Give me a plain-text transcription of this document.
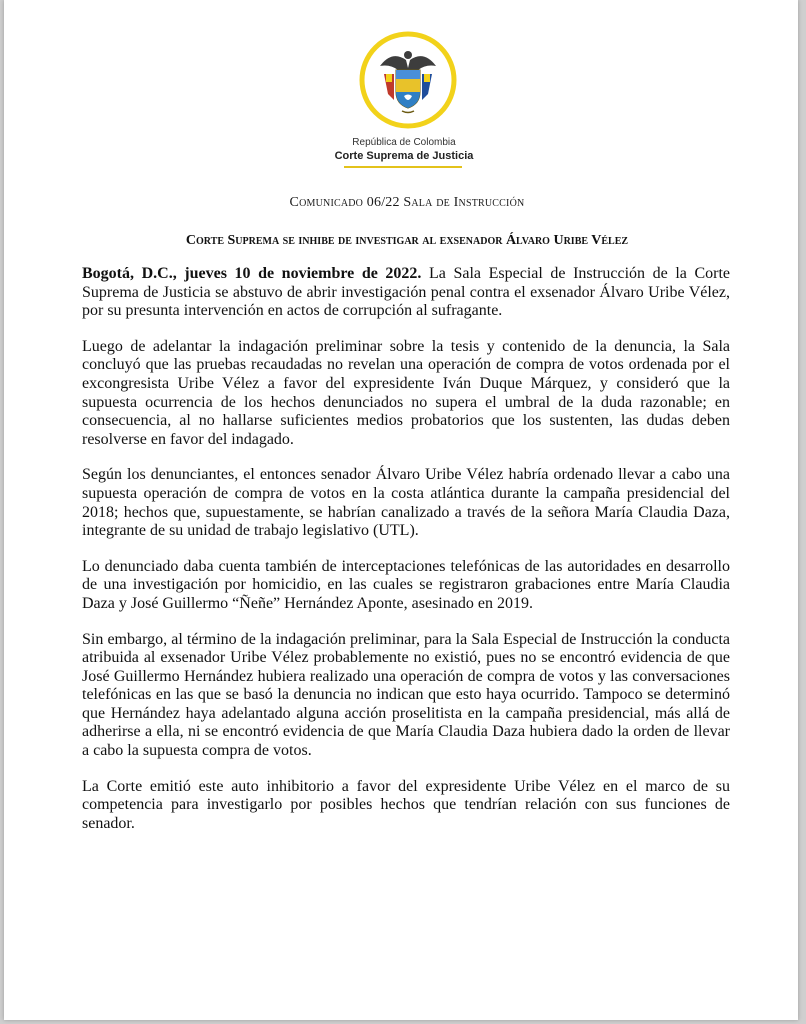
República de Colombia
Corte Suprema de Justicia
Comunicado 06/22 Sala de Instrucción
Corte Suprema se inhibe de investigar al exsenador Álvaro Uribe Vélez

Bogotá, D.C., jueves 10 de noviembre de 2022. La Sala Especial de Instrucción de la Corte Suprema de Justicia se abstuvo de abrir investigación penal contra el exsenador Álvaro Uribe Vélez, por su presunta intervención en actos de corrupción al sufragante.

Luego de adelantar la indagación preliminar sobre la tesis y contenido de la denuncia, la Sala concluyó que las pruebas recaudadas no revelan una operación de compra de votos ordenada por el excongresista Uribe Vélez a favor del expresidente Iván Duque Márquez, y consideró que la supuesta ocurrencia de los hechos denunciados no supera el umbral de la duda razonable; en consecuencia, al no hallarse suficientes medios probatorios que los sustenten, las dudas deben resolverse en favor del indagado.

Según los denunciantes, el entonces senador Álvaro Uribe Vélez habría ordenado llevar a cabo una supuesta operación de compra de votos en la costa atlántica durante la campaña presidencial del 2018; hechos que, supuestamente, se habrían canalizado a través de la señora María Claudia Daza, integrante de su unidad de trabajo legislativo (UTL).

Lo denunciado daba cuenta también de interceptaciones telefónicas de las autoridades en desarrollo de una investigación por homicidio, en las cuales se registraron grabaciones entre María Claudia Daza y José Guillermo “Ñeñe” Hernández Aponte, asesinado en 2019.

Sin embargo, al término de la indagación preliminar, para la Sala Especial de Instrucción la conducta atribuida al exsenador Uribe Vélez probablemente no existió, pues no se encontró evidencia de que José Guillermo Hernández hubiera realizado una operación de compra de votos y las conversaciones telefónicas en las que se basó la denuncia no indican que esto haya ocurrido. Tampoco se determinó que Hernández haya adelantado alguna acción proselitista en la campaña presidencial, más allá de adherirse a ella, ni se encontró evidencia de que María Claudia Daza hubiera dado la orden de llevar a cabo la supuesta compra de votos.

La Corte emitió este auto inhibitorio a favor del expresidente Uribe Vélez en el marco de su competencia para investigarlo por posibles hechos que tendrían relación con sus funciones de senador.
